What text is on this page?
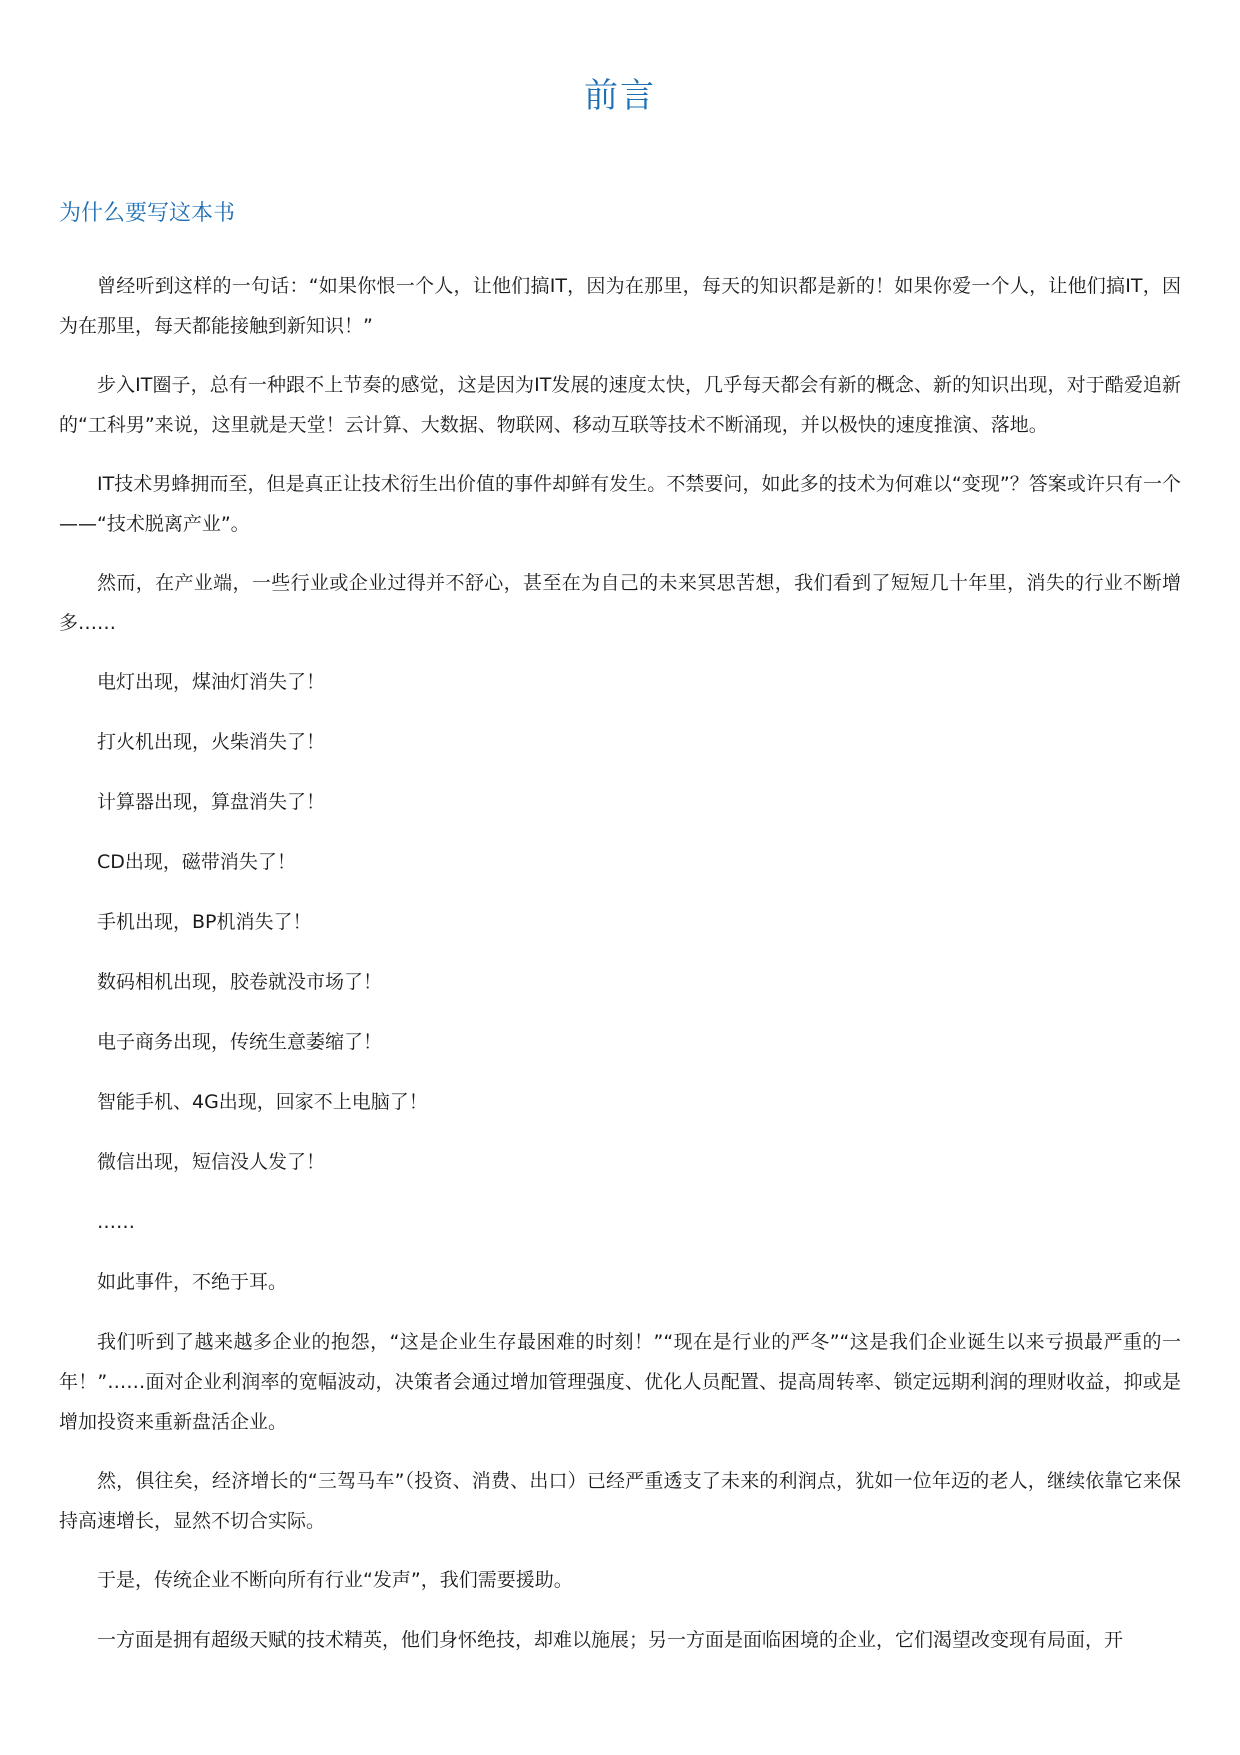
前言
为什么要写这本书

曾经听到这样的一句话：“如果你恨一个人，让他们搞IT，因为在那里，每天的知识都是新的！如果你爱一个人，让他们搞IT，因为在那里，每天都能接触到新知识！”

步入IT圈子，总有一种跟不上节奏的感觉，这是因为IT发展的速度太快，几乎每天都会有新的概念、新的知识出现，对于酷爱追新的“工科男”来说，这里就是天堂！云计算、大数据、物联网、移动互联等技术不断涌现，并以极快的速度推演、落地。

IT技术男蜂拥而至，但是真正让技术衍生出价值的事件却鲜有发生。不禁要问，如此多的技术为何难以“变现”？答案或许只有一个——“技术脱离产业”。

然而，在产业端，一些行业或企业过得并不舒心，甚至在为自己的未来冥思苦想，我们看到了短短几十年里，消失的行业不断增多……

电灯出现，煤油灯消失了！

打火机出现，火柴消失了！

计算器出现，算盘消失了！

CD出现，磁带消失了！

手机出现，BP机消失了！

数码相机出现，胶卷就没市场了！

电子商务出现，传统生意萎缩了！

智能手机、4G出现，回家不上电脑了！

微信出现，短信没人发了！

……

如此事件，不绝于耳。

我们听到了越来越多企业的抱怨，“这是企业生存最困难的时刻！”“现在是行业的严冬”“这是我们企业诞生以来亏损最严重的一年！”……面对企业利润率的宽幅波动，决策者会通过增加管理强度、优化人员配置、提高周转率、锁定远期利润的理财收益，抑或是增加投资来重新盘活企业。

然，俱往矣，经济增长的“三驾马车”（投资、消费、出口）已经严重透支了未来的利润点，犹如一位年迈的老人，继续依靠它来保持高速增长，显然不切合实际。

于是，传统企业不断向所有行业“发声”，我们需要援助。

一方面是拥有超级天赋的技术精英，他们身怀绝技，却难以施展；另一方面是面临困境的企业，它们渴望改变现有局面，开
